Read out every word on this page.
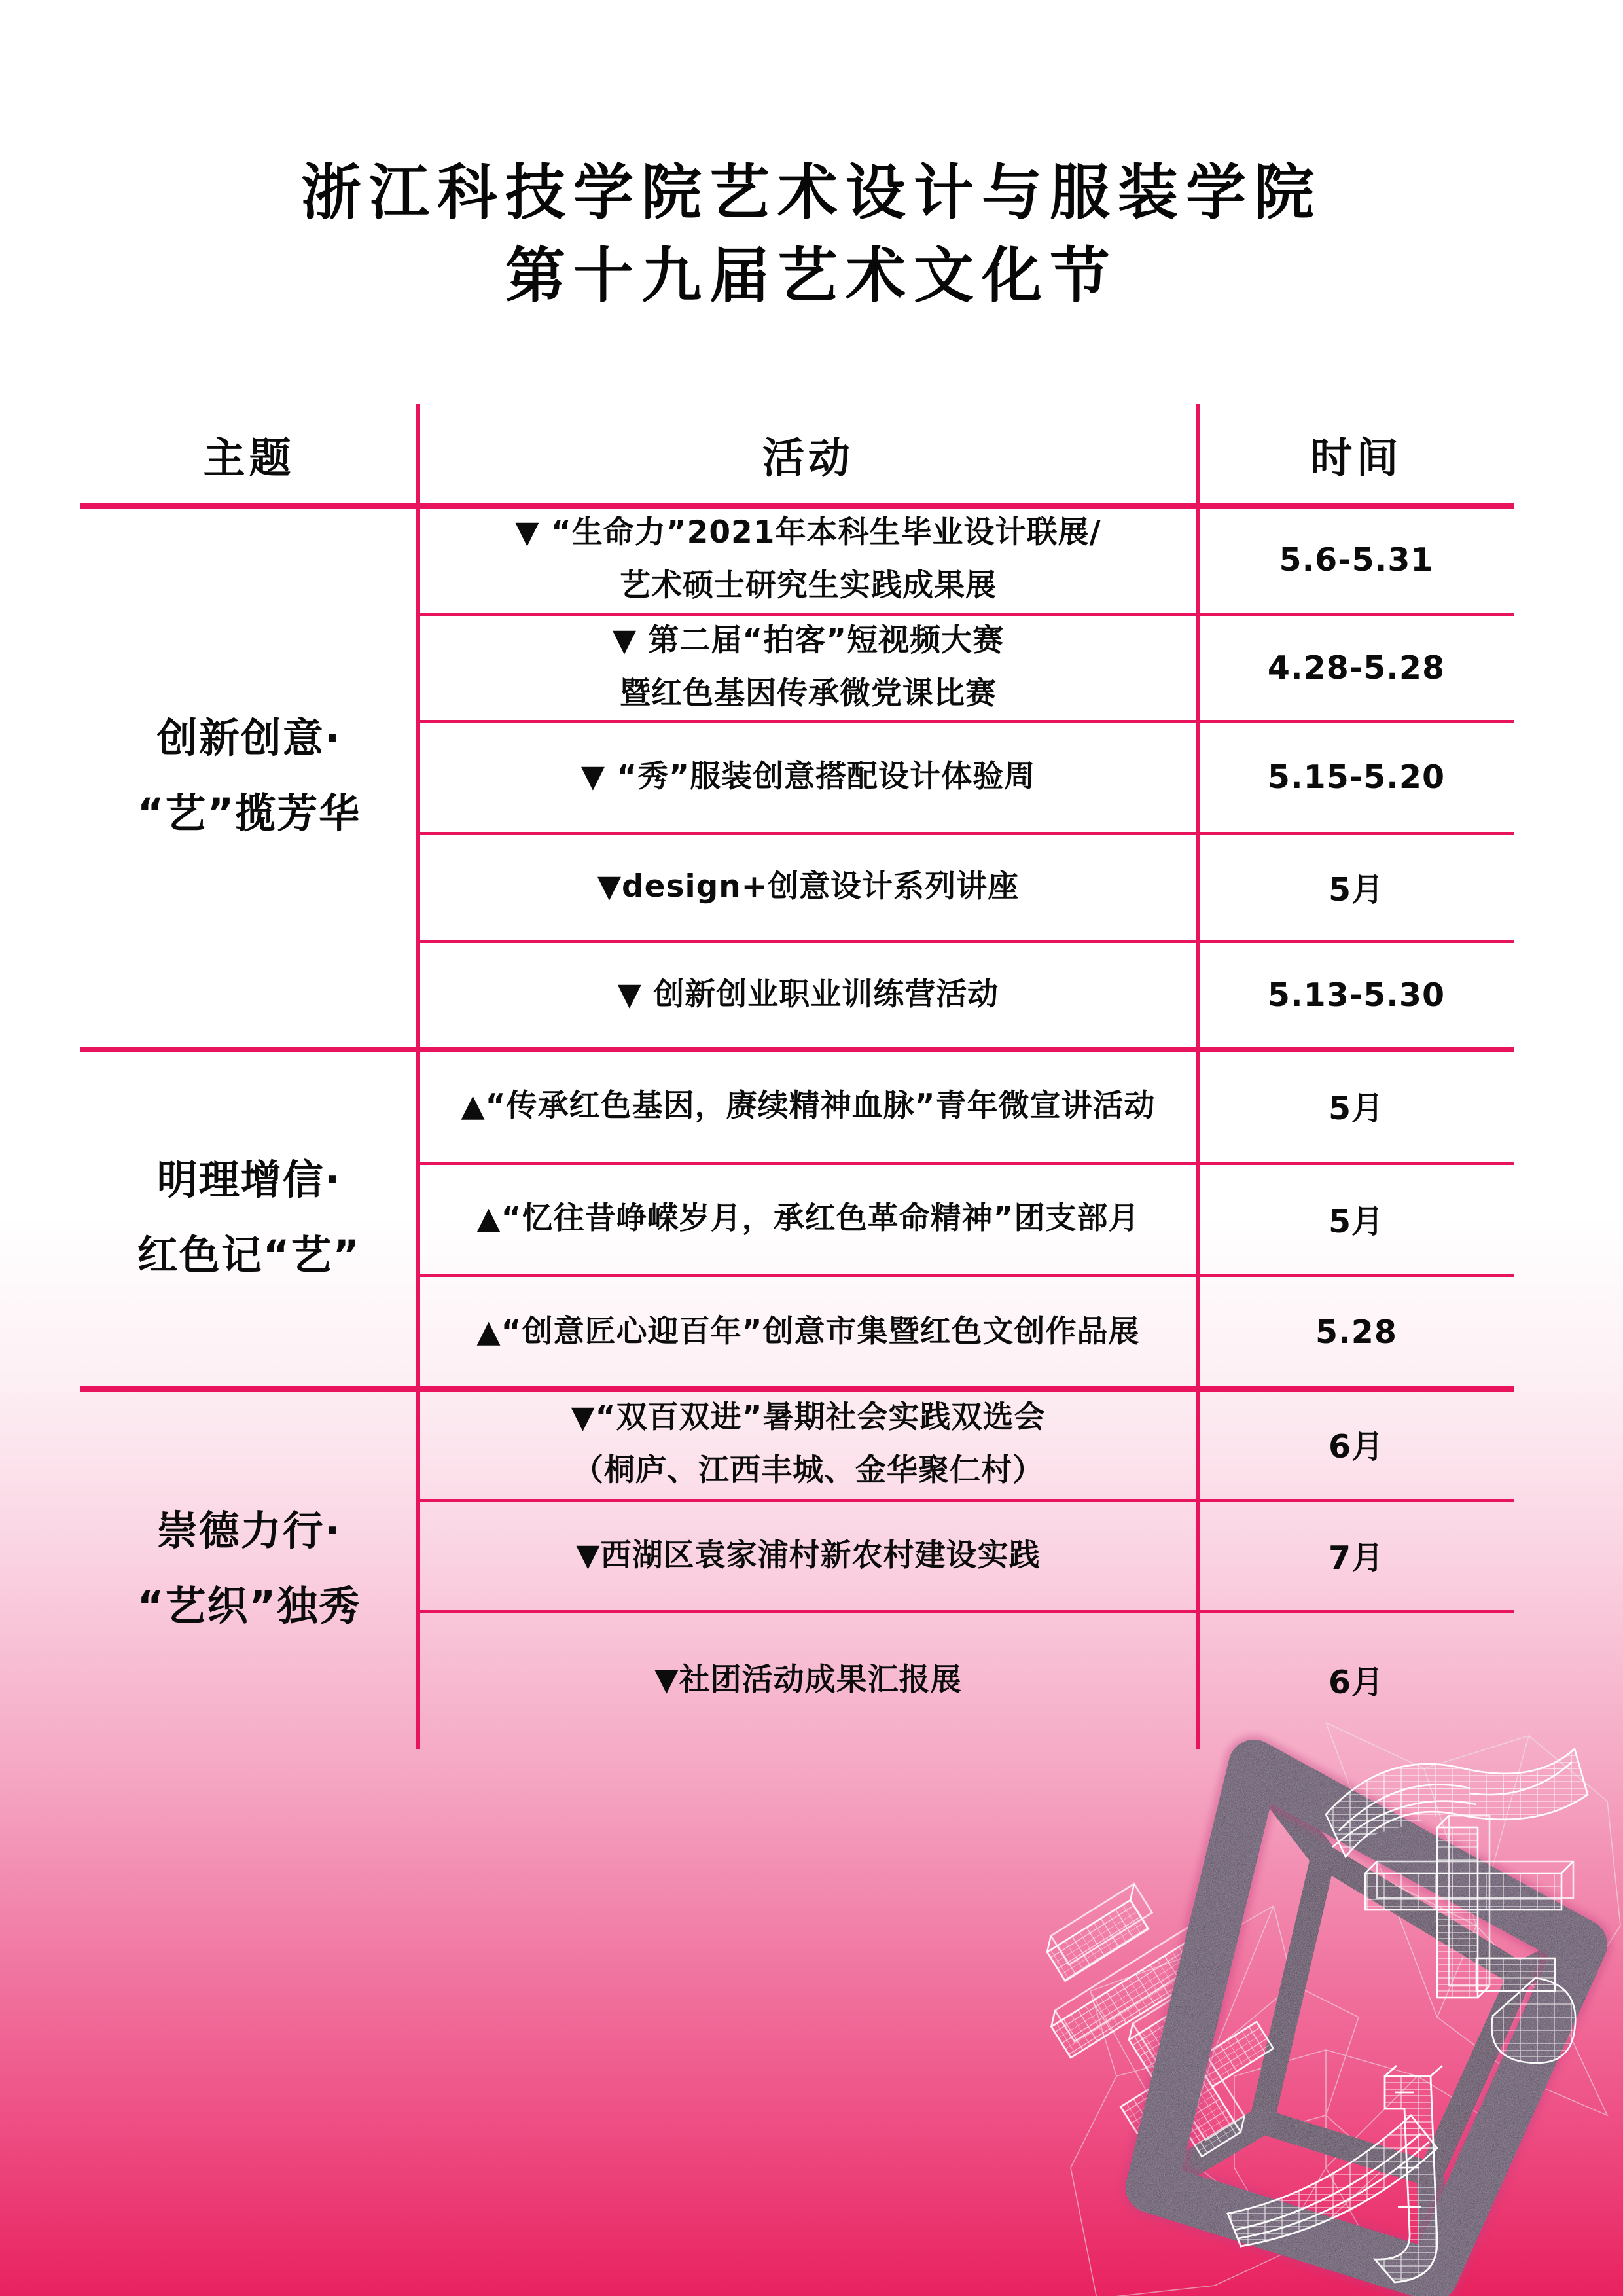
浙江科技学院艺术设计与服装学院
第十九届艺术文化节
主题	活动	时间
创新创意·
“艺”揽芳华
明理增信·
红色记“艺”
崇德力行·
“艺织”独秀
▼ “生命力”2021年本科生毕业设计联展/
艺术硕士研究生实践成果展
▼ 第二届“拍客”短视频大赛
暨红色基因传承微党课比赛
▼ “秀”服装创意搭配设计体验周
▼design+创意设计系列讲座
▼ 创新创业职业训练营活动
▲“传承红色基因，赓续精神血脉”青年微宣讲活动
▲“忆往昔峥嵘岁月，承红色革命精神”团支部月
▲“创意匠心迎百年”创意市集暨红色文创作品展
▼“双百双进”暑期社会实践双选会
（桐庐、江西丰城、金华聚仁村）
▼西湖区袁家浦村新农村建设实践
▼社团活动成果汇报展
5.6-5.31
4.28-5.28
5.15-5.20
5月
5.13-5.30
5月
5月
5.28
6月
7月
6月
